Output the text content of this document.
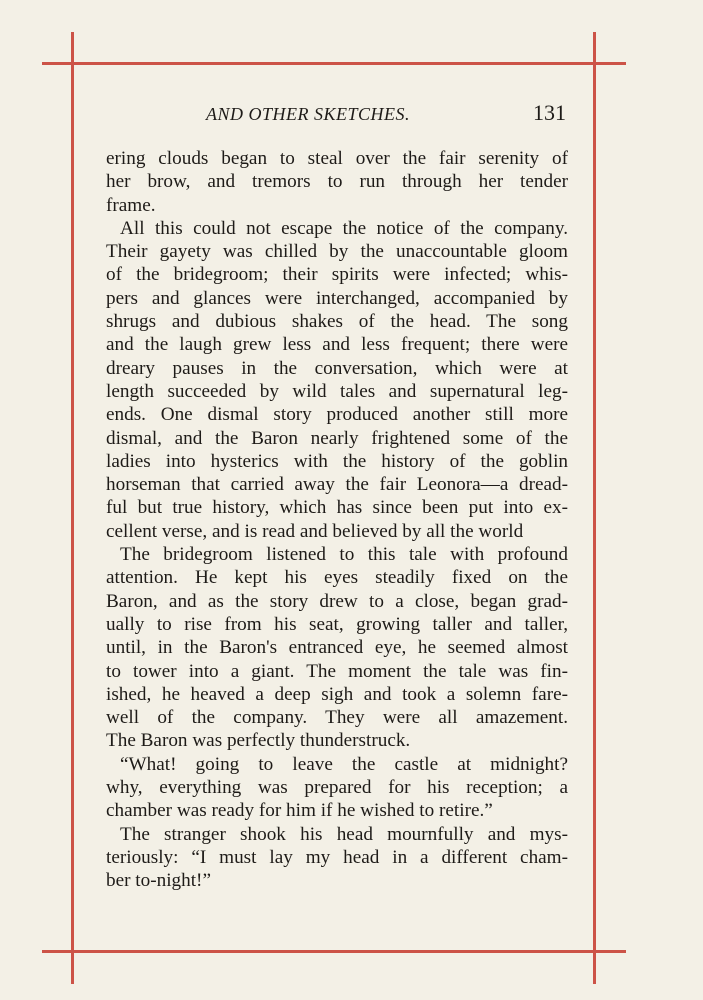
AND OTHER SKETCHES.	131
ering clouds began to steal over the fair serenity of
her brow, and tremors to run through her tender
frame.
All this could not escape the notice of the company.
Their gayety was chilled by the unaccountable gloom
of the bridegroom; their spirits were infected; whis-
pers and glances were interchanged, accompanied by
shrugs and dubious shakes of the head. The song
and the laugh grew less and less frequent; there were
dreary pauses in the conversation, which were at
length succeeded by wild tales and supernatural leg-
ends. One dismal story produced another still more
dismal, and the Baron nearly frightened some of the
ladies into hysterics with the history of the goblin
horseman that carried away the fair Leonora—a dread-
ful but true history, which has since been put into ex-
cellent verse, and is read and believed by all the world
The bridegroom listened to this tale with profound
attention. He kept his eyes steadily fixed on the
Baron, and as the story drew to a close, began grad-
ually to rise from his seat, growing taller and taller,
until, in the Baron's entranced eye, he seemed almost
to tower into a giant. The moment the tale was fin-
ished, he heaved a deep sigh and took a solemn fare-
well of the company. They were all amazement.
The Baron was perfectly thunderstruck.
“What! going to leave the castle at midnight?
why, everything was prepared for his reception; a
chamber was ready for him if he wished to retire.”
The stranger shook his head mournfully and mys-
teriously: “I must lay my head in a different cham-
ber to-night!”
